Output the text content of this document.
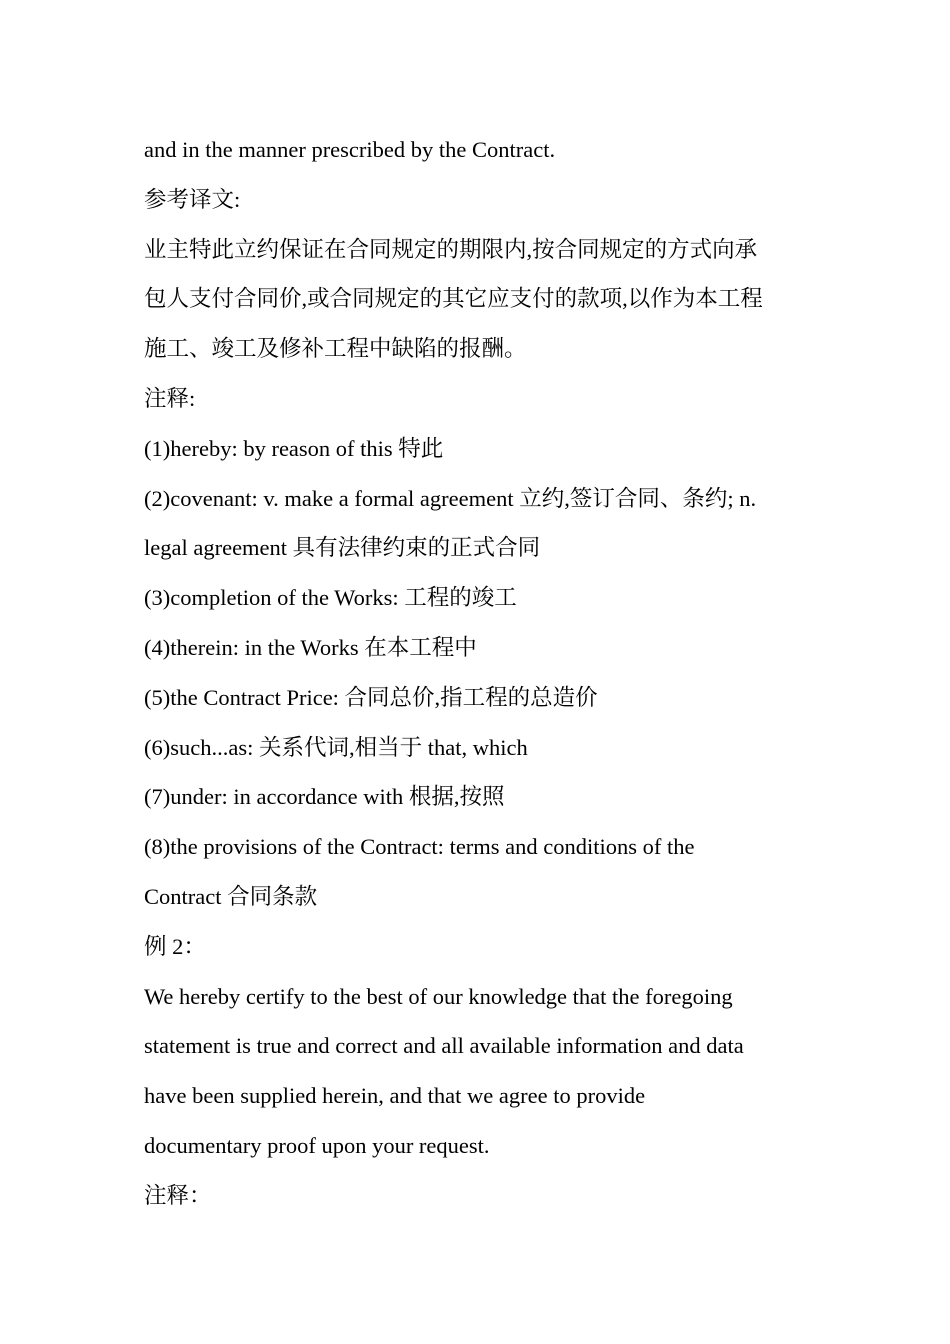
and in the manner prescribed by the Contract.
参考译文:
业主特此立约保证在合同规定的期限内,按合同规定的方式向承
包人支付合同价,或合同规定的其它应支付的款项,以作为本工程
施工、竣工及修补工程中缺陷的报酬。
注释:
(1)hereby: by reason of this 特此
(2)covenant: v. make a formal agreement 立约,签订合同、条约; n.
legal agreement 具有法律约束的正式合同
(3)completion of the Works: 工程的竣工
(4)therein: in the Works 在本工程中
(5)the Contract Price: 合同总价,指工程的总造价
(6)such...as: 关系代词,相当于 that, which
(7)under: in accordance with 根据,按照
(8)the provisions of the Contract: terms and conditions of the
Contract 合同条款
例 2：
We hereby certify to the best of our knowledge that the foregoing
statement is true and correct and all available information and data
have been supplied herein, and that we agree to provide
documentary proof upon your request.
注释：
